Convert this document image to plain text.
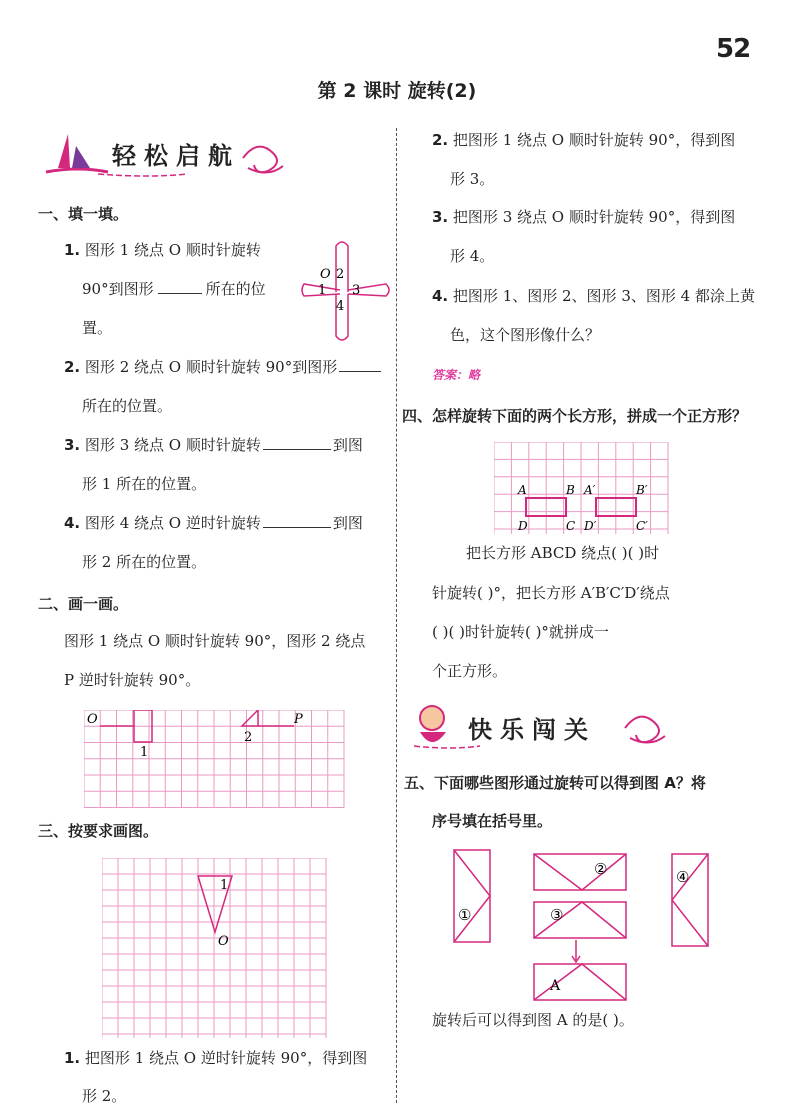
52
第 2 课时 旋转(2)
轻松启航
一、填一填。
1. 图形 1 绕点 O 顺时针旋转
90°到图形	所在的位
置。
O 2
1 3
4
2. 图形 2 绕点 O 顺时针旋转 90°到图形
所在的位置。
3. 图形 3 绕点 O 顺时针旋转	到图
形 1 所在的位置。
4. 图形 4 绕点 O 逆时针旋转	到图
形 2 所在的位置。
二、画一画。
图形 1 绕点 O 顺时针旋转 90°，图形 2 绕点
P 逆时针旋转 90°。
O
1
2
P
三、按要求画图。
1
O
1. 把图形 1 绕点 O 逆时针旋转 90°，得到图
形 2。
2. 把图形 1 绕点 O 顺时针旋转 90°，得到图
形 3。
3. 把图形 3 绕点 O 顺时针旋转 90°，得到图
形 4。
4. 把图形 1、图形 2、图形 3、图形 4 都涂上黄
色，这个图形像什么？
答案：略
四、怎样旋转下面的两个长方形，拼成一个正方形？
A	B A′	B′
D	C D′	C′
把长方形 ABCD 绕点( )( )时
针旋转( )°，把长方形 A′B′C′D′绕点
( )( )时针旋转( )°就拼成一
个正方形。
快乐闯关
五、下面哪些图形通过旋转可以得到图 A？将
序号填在括号里。
①
②
③
④
A
旋转后可以得到图 A 的是( )。
